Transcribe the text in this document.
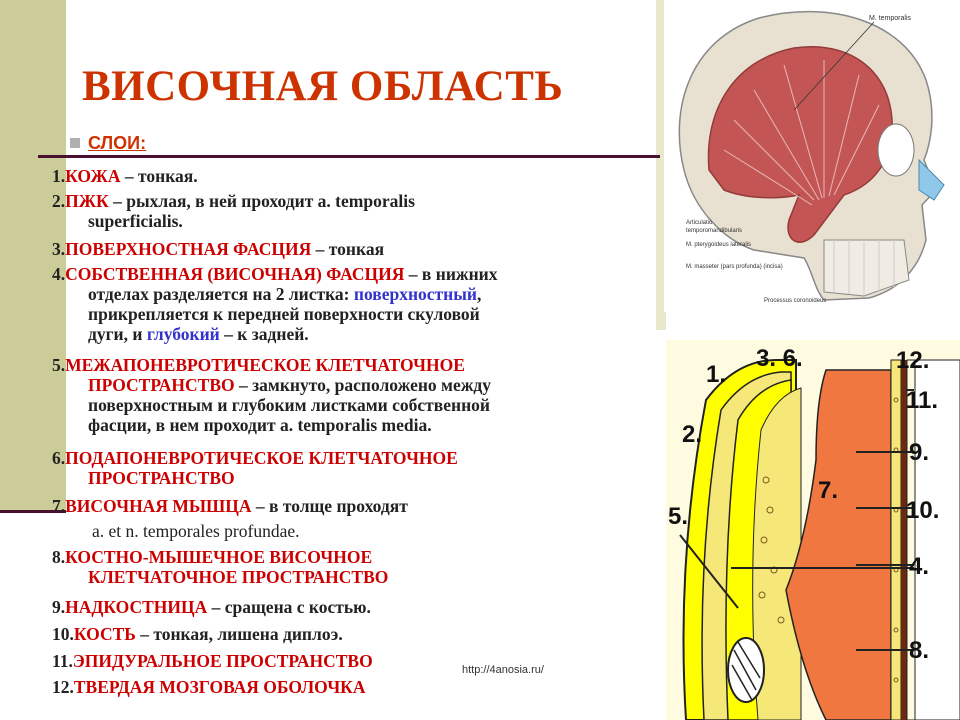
ВИСОЧНАЯ ОБЛАСТЬ
СЛОИ:
1.КОЖА – тонкая.
2.ПЖК – рыхлая, в ней проходит а. temporalis
superficialis.
3.ПОВЕРХНОСТНАЯ ФАСЦИЯ – тонкая
4.СОБСТВЕННАЯ (ВИСОЧНАЯ) ФАСЦИЯ – в нижних
отделах разделяется на 2 листка: поверхностный,
прикрепляется к передней поверхности скуловой
дуги, и глубокий – к задней.
5.МЕЖАПОНЕВРОТИЧЕСКОЕ КЛЕТЧАТОЧНОЕ
ПРОСТРАНСТВО – замкнуто, расположено между
поверхностным и глубоким листками собственной
фасции, в нем проходит а. temporalis media.
6.ПОДАПОНЕВРОТИЧЕСКОЕ КЛЕТЧАТОЧНОЕ
ПРОСТРАНСТВО
7.ВИСОЧНАЯ МЫШЦА – в толще проходят
а. et n. temporales profundae.
8.КОСТНО-МЫШЕЧНОЕ ВИСОЧНОЕ
КЛЕТЧАТОЧНОЕ ПРОСТРАНСТВО
9.НАДКОСТНИЦА – сращена с костью.
10.КОСТЬ – тонкая, лишена диплоэ.
11.ЭПИДУРАЛЬНОЕ ПРОСТРАНСТВО
12.ТВЕРДАЯ МОЗГОВАЯ ОБОЛОЧКА
http://4anosia.ru/
M. temporalis
Articulatio
temporomandibularis
M. pterygoideus lateralis
M. masseter (pars profunda) (incisa)
Processus coronoideus
1.
2.
3. 6.	12.
11.
9.
7.
5.	10.
4.
8.
